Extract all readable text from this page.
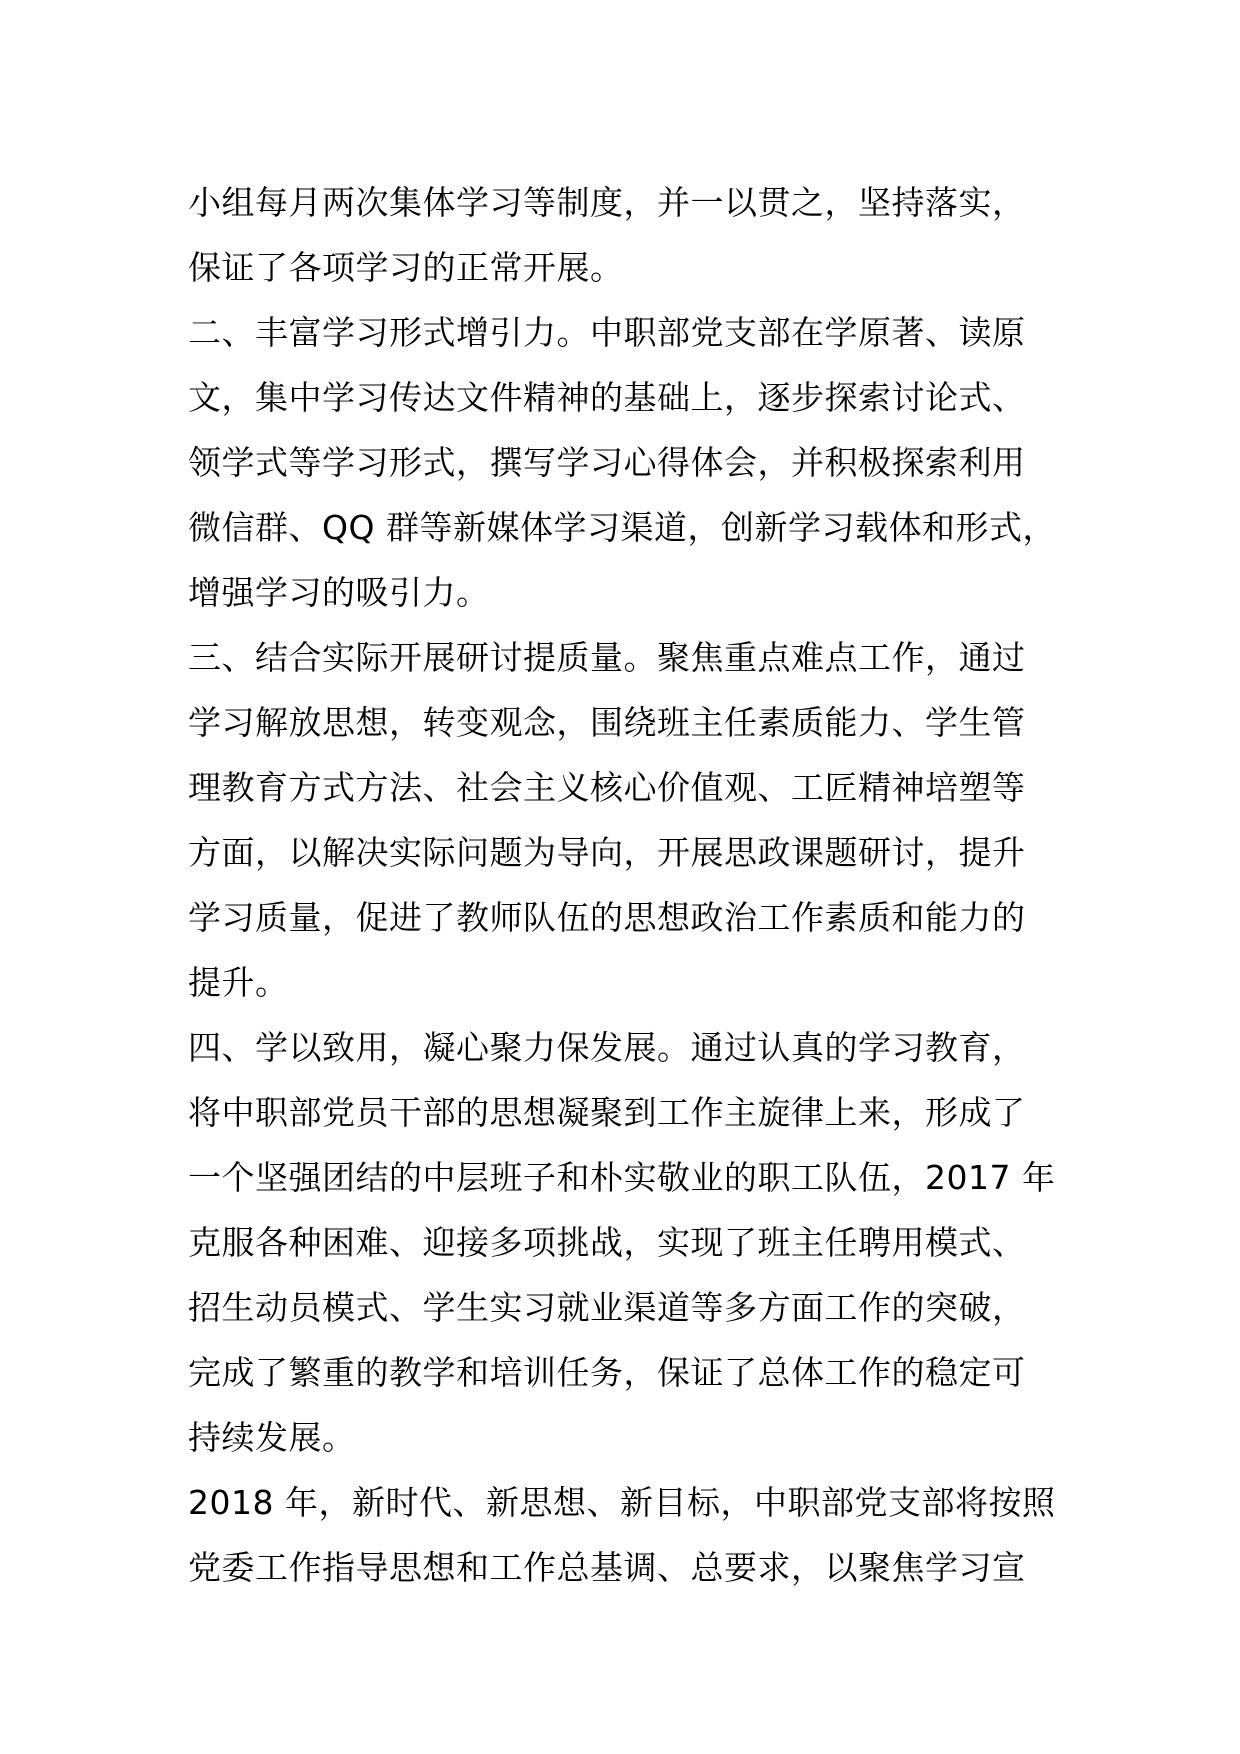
小组每月两次集体学习等制度，并一以贯之，坚持落实，
保证了各项学习的正常开展。
二、丰富学习形式增引力。中职部党支部在学原著、读原
文，集中学习传达文件精神的基础上，逐步探索讨论式、
领学式等学习形式，撰写学习心得体会，并积极探索利用
微信群、QQ 群等新媒体学习渠道，创新学习载体和形式，
增强学习的吸引力。
三、结合实际开展研讨提质量。聚焦重点难点工作，通过
学习解放思想，转变观念，围绕班主任素质能力、学生管
理教育方式方法、社会主义核心价值观、工匠精神培塑等
方面，以解决实际问题为导向，开展思政课题研讨，提升
学习质量，促进了教师队伍的思想政治工作素质和能力的
提升。
四、学以致用，凝心聚力保发展。通过认真的学习教育，
将中职部党员干部的思想凝聚到工作主旋律上来，形成了
一个坚强团结的中层班子和朴实敬业的职工队伍，2017 年
克服各种困难、迎接多项挑战，实现了班主任聘用模式、
招生动员模式、学生实习就业渠道等多方面工作的突破，
完成了繁重的教学和培训任务，保证了总体工作的稳定可
持续发展。
2018 年，新时代、新思想、新目标，中职部党支部将按照
党委工作指导思想和工作总基调、总要求，以聚焦学习宣
